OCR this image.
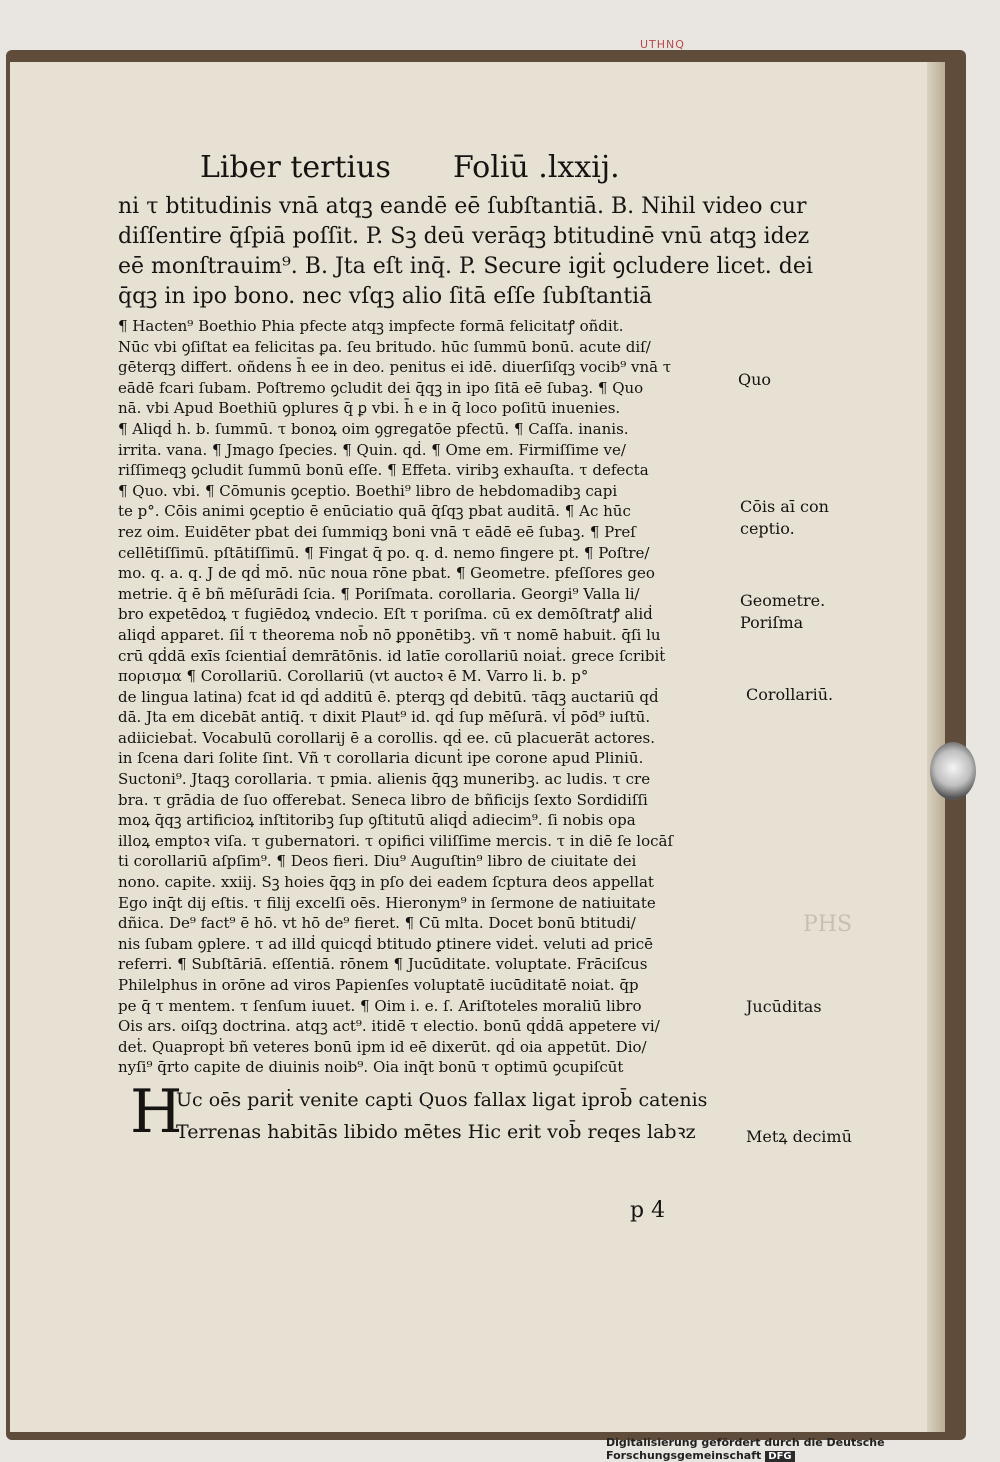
UTHNQ
Liber tertius Foliū .lxxij.
ni τ btitudinis vnā atqꝫ eandē eē ſubſtantiā. B. Nihil video cur
diſſentire q̄ſpiā poſſit. P. Sꝫ deū verāqꝫ btitudinē vnū atqꝫ idez
eē monſtrauim⁹. B. Jta eſt inq̄. P. Secure igiṫ ꝯcludere licet. dei
q̄qꝫ in ipo bono. nec vſqꝫ alio ſitā eſſe ſubſtantiā
¶ Hacten⁹ Boethio Phia pfecte atqꝫ impfecte formā felicitatꝭ oñdit.
Nūc vbi ꝯſiſtat ea felicitas ꝑa. ſeu britudo. hūc ſummū bonū. acute diſ/
gēterqꝫ differt. oñdens h̄ ee in deo. penitus ei idē. diuerſiſqꝫ vocib⁹ vnā τ
eādē fcari ſubam. Poſtremo ꝯcludit dei q̄qꝫ in ipo ſitā eē ſubaꝫ. ¶ Quo
nā. vbi Apud Boethiū ꝯplures q̄ ꝑ vbi. h̄ e in q̄ loco poſitū inuenies.
¶ Aliqḋ h. b. ſummū. τ bonoꝝ oim ꝯgregatōe pfectū. ¶ Caſſa. inanis.
irrita. vana. ¶ Jmago ſpecies. ¶ Quin. qḋ. ¶ Ome em. Firmiſſime ve/
riſſimeqꝫ ꝯcludit ſummū bonū eſſe. ¶ Effeta. viribꝫ exhauſta. τ defecta
¶ Quo. vbi. ¶ Cōmunis ꝯceptio. Boethi⁹ libro de hebdomadibꝫ capi
te p°. Cōis animi ꝯceptio ē enūciatio quā q̄ſqꝫ pbat auditā. ¶ Ac hūc
rez oim. Euidēter pbat dei ſummiqꝫ boni vnā τ eādē eē ſubaꝫ. ¶ Preſ
cellētiſſimū. pſtātiſſimū. ¶ Fingat q̄ po. q. d. nemo fingere pt. ¶ Poſtre/
mo. q. a. q. J de qḋ mō. nūc noua rōne pbat. ¶ Geometre. pfeſſores geo
metrie. q̄ ē bñ mēſurādi ſcia. ¶ Poriſmata. corollaria. Georgi⁹ Valla li/
bro expetēdoꝝ τ fugiēdoꝝ vndecio. Eſt τ poriſma. cū ex demōſtratꝭ aliḋ
aliqḋ apparet. ſiĺ τ theorema nob̄ nō ꝑponētibꝫ. vñ τ nomē habuit. q̄ſi lu
crū qḋdā exīs ſcientiaĺ demrātōnis. id latīe corollariū noiaṫ. grece ſcribiṫ
πορισμα ¶ Corollariū. Corollariū (vt auctoꝛ ē M. Varro li. b. p°
de lingua latina) fcat id qḋ additū ē. pterqꝫ qḋ debitū. τāqꝫ auctariū qḋ
dā. Jta em dicebāt antiq̄. τ dixit Plaut⁹ id. qḋ ſup mēſurā. vĺ pōd⁹ iuſtū.
adiiciebaṫ. Vocabulū corollarij ē a corollis. qḋ ee. cū placuerāt actores.
in ſcena dari ſolite ſint. Vñ τ corollaria dicunṫ ipe corone apud Pliniū.
Suctoni⁹. Jtaqꝫ corollaria. τ pmia. alienis q̄qꝫ muneribꝫ. ac ludis. τ cre
bra. τ grādia de ſuo offerebat. Seneca libro de bñficijs ſexto Sordidiſſi
moꝝ q̄qꝫ artificioꝝ inſtitoribꝫ ſup ꝯſtitutū aliqḋ adiecim⁹. ſi nobis opa
illoꝝ emptoꝛ viſa. τ gubernatori. τ opifici viliſſime mercis. τ in diē ſe locāſ
ti corollariū aſpſim⁹. ¶ Deos fieri. Diu⁹ Auguſtin⁹ libro de ciuitate dei
nono. capite. xxiij. Sꝫ hoies q̄qꝫ in pſo dei eadem ſcptura deos appellat
Ego inq̄t dij eſtis. τ filij excelſi oēs. Hieronym⁹ in ſermone de natiuitate
dñica. De⁹ fact⁹ ē hō. vt hō de⁹ fieret. ¶ Cū mlta. Docet bonū btitudi/
nis ſubam ꝯplere. τ ad illḋ quicqḋ btitudo ꝑtinere videṫ. veluti ad pricē
referri. ¶ Subſtāriā. eſſentiā. rōnem ¶ Jucūditate. voluptate. Frāciſcus
Philelphus in orōne ad viros Papienſes voluptatē iucūditatē noiat. q̄p
pe q̄ τ mentem. τ ſenſum iuuet. ¶ Oim i. e. ſ. Ariſtoteles moraliū libro
Ois ars. oiſqꝫ doctrina. atqꝫ act⁹. itidē τ electio. bonū qḋdā appetere vi/
deṫ. Quapropṫ bñ veteres bonū ipm id eē dixerūt. qḋ oia appetūt. Dio/
nyſi⁹ q̄rto capite de diuinis noib⁹. Oia inq̄t bonū τ optimū ꝯcupiſcūt
H
Uc oēs pariṫ venite capti Quos fallax ligat iprob̄ catenis
Terrenas habitās libido mētes Hic erit vob̄ reqes labꝛz
p 4
Quo
Cōis aī con
ceptio.
Geometre.
Poriſma
Corollariū.
Jucūditas
Metꝝ decimū
PHS
Digitalisierung gefördert durch die Deutsche Forschungsgemeinschaft DFG
